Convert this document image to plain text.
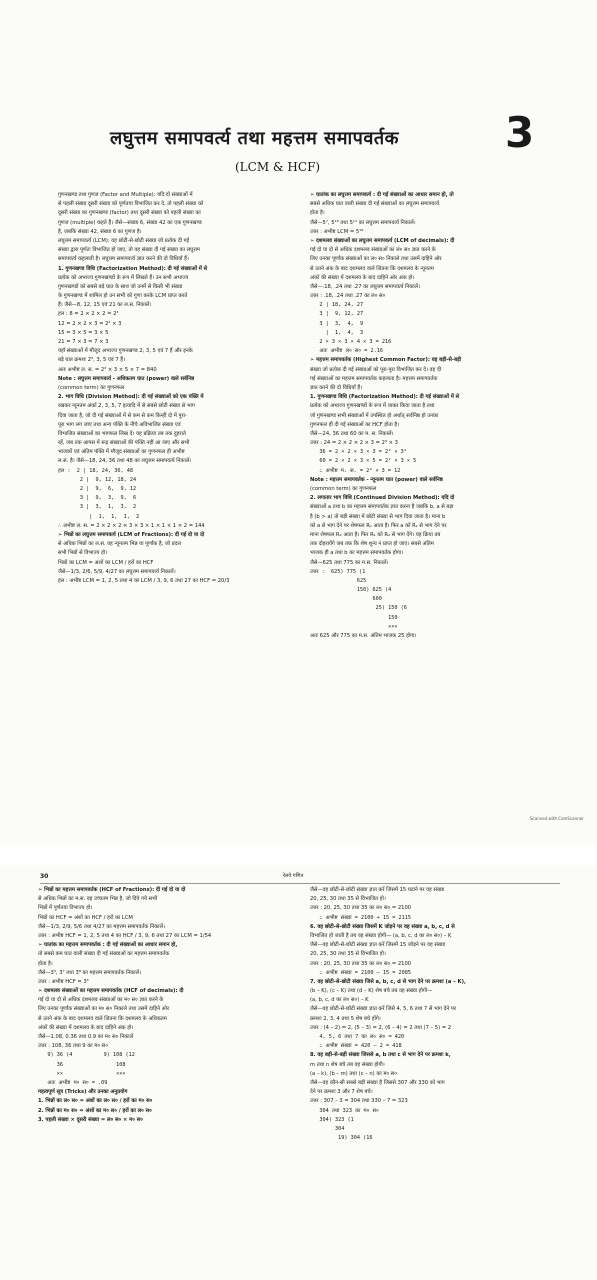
लघुत्तम समापवर्त्य तथा महत्तम समापवर्तक
(LCM & HCF)
3

गुणनखण्ड तथा गुणज (Factor and Multiple): यदि दो संख्याओं में

से पहली संख्या दूसरी संख्या को पूर्णतया विभाजित कर दे, तो पहली संख्या को

दूसरी संख्या का गुणनखण्ड (factor) तथा दूसरी संख्या को पहली संख्या का

गुणज (multiple) कहते हैं। जैसे—संख्या 6, संख्या 42 का एक गुणनखण्ड

है, जबकि संख्या 42, संख्या 6 का गुणज है।

लघुत्तम समापवर्त्य (LCM): वह छोटी-से-छोटी संख्या जो प्रत्येक दी गई

संख्या द्वारा पूर्णतः विभाजित हो जाए, तो वह संख्या दी गई संख्या का लघुत्तम

समापवर्त्य कहलाती है। लघुत्तम समापवर्त्य ज्ञात करने की दो विधियाँ हैं।

1. गुणनखण्ड विधि (Factorization Method): दी गई संख्याओं में से

प्रत्येक को अभाज्य गुणनखण्डों के रूप में लिखते हैं। उन सभी अभाज्य

गुणनखण्डों को सबसे बड़े घात के साथ जो उनमें से किसी भी संख्या

के गुणनखण्ड में शामिल हो उन सभी को गुणा करके LCM प्राप्त करते

हैं। जैसे—8, 12, 15 एवं 21 का ल.स. निकालें।

हल : 8 = 2 × 2 × 2 = 2³

12 = 2 × 2 × 3 = 2² × 3

15 = 3 × 5 = 3 × 5

21 = 7 × 3 = 7 × 3

यहाँ संख्याओं में मौजूद अभाज्य गुणनखण्ड 2, 3, 5 एवं 7 हैं और इनके

बड़े घात क्रमशः 2³, 3, 5 एवं 7 हैं।

अतः अभीष्ट ल. स. = 2³ × 3 × 5 × 7 = 840

Note : लघुत्तम समापवर्त्य - अधिकतम घात (power) वाले सर्वनिष्ठ

(common term) का गुणनफल

2. भाग विधि (Division Method): दी गई संख्याओं को एक पंक्ति में

रखकर न्यूनतम अंकों 2, 3, 5, 7 इत्यादि में से सबसे छोटी संख्या से भाग

दिया जाता है, जो दी गई संख्याओं में से कम से कम किन्हीं दो में पूरा-

पूरा भाग लग जाए तथा अन्य पंक्ति के नीचे अविभाजित संख्या एवं

विभाजित संख्याओं का भागफल लिख दें। यह प्रक्रिया तब तक दुहराते

रहें, जब तक आपस में रूढ़ संख्याओं की पंक्ति नहीं आ जाए और सभी

भाजकों एवं अंतिम पंक्ति में मौजूद संख्याओं का गुणनफल ही अभीष्ट

ल.स. है। जैसे—18, 24, 36 तथा 48 का लघुत्तम समापवर्त्य निकालें।

हल :  2 | 18, 24, 36, 48

2 |  9, 12, 18, 24

2 |  9,  6,  9, 12

3 |  9,  3,  9,  6

3 |  3,  1,  3,  2

|  1,  1,  1,  2

∴ अभीष्ट ल. स. = 2 × 2 × 2 × 3 × 3 × 1 × 1 × 1 × 2 = 144

➢ भिन्नों का लघुत्तम समापवर्त्य (LCM of Fractions): दी गई दो या दो

से अधिक भिन्नों का ल.स. वह न्यूनतम भिन्न या पूर्णांक है, जो प्रदत्त

सभी भिन्नों से विभाज्य हो।

भिन्नों का LCM = अंशों का LCM / हरों का HCF

जैसे—1/3, 2/6, 5/9, 4/27 का लघुत्तम समापवर्त्य निकालें।

हल : अभीष्ट LCM = 1, 2, 5 तथा 4 का LCM / 3, 9, 6 तथा 27 का HCF = 20/3

➢ घातांक का लघुत्तम समापवर्त्य : दी गई संख्याओं का आधार समान हो, तो

सबसे अधिक घात वाली संख्या दी गई संख्याओं का लघुत्तम समापवर्त्य

होता है।

जैसे—5⁷, 5¹⁸ तथा 5¹¹ का लघुत्तम समापवर्त्य निकालें।

उत्तर : अभीष्ट LCM = 5¹⁸

➢ दशमलव संख्याओं का लघुत्तम समापवर्त्य (LCM of decimals): दी

गई दो या दो से अधिक दशमलव संख्याओं का ल० स० ज्ञात करने के

लिए उनका पूर्णांक संख्याओं का ल० स० निकाले तथा उसमें दाहिने ओर

से उतने अंक के बाद दशमलव वाले जितना कि दशमलव के न्यूनतम

अंकों की संख्या में दशमलव के बाद दाहिने ओर अंक हो।

जैसे—.18, .24 तथा .27 का लघुत्तम समापवर्त्य निकालें।

उत्तर : .18, .24 तथा .27 का ल० स०

2 | 18, 24, 27

3 |  9, 12, 27

3 |  3,  4,  9

|  1,  4,  3

2 × 3 × 3 × 4 × 3 = 216

अतः अभीष्ट ल० स० = 2.16

➢ महत्तम समापवर्तक (Highest Common Factor): वह बड़ी-से-बड़ी

संख्या जो प्रत्येक दी गई संख्याओं को पूरा-पूरा विभाजित कर दे। वह दी

गई संख्याओं का महत्तम समापवर्तक कहलाता है। महत्तम समापवर्तक

ज्ञात करने की दो विधियाँ हैं।

1. गुणनखण्ड विधि (Factorization Method): दी गई संख्याओं में से

प्रत्येक को अभाज्य गुणनखण्डों के रूप में व्यक्त किया जाता है तथा

जो गुणनखण्ड सभी संख्याओं में उपस्थित हो अर्थात् सर्वनिष्ठ हो उनका

गुणनफल ही दी गई संख्याओं का HCF होता है।

जैसे—24, 36 तथा 60 का म. स. निकालें।

उत्तर : 24 = 2 × 2 × 2 × 3 = 2³ × 3

36 = 2 × 2 × 3 × 3 = 2² × 3²

60 = 2 × 2 × 3 × 5 = 2² × 3 × 5

∴ अभीष्ट म. स. = 2² × 3 = 12

Note : महत्तम समापवर्तक - न्यूनतम घात (power) वाले सर्वनिष्ठ

(common term) का गुणनफल

2. लगातार भाग विधि (Continued Division Method): यदि दो

संख्याओं a तथा b का महत्तम समापवर्तक ज्ञात करना है जबकि b, a से बड़ा

है (b > a) तो बड़ी संख्या में छोटी संख्या से भाग दिया जाता है। माना b

को a से भाग देने पर शेषफल R₁ आता है। फिर a को R₁ से भाग देने पर

माना शेषफल R₂ आता है। फिर R₁ को R₂ से भाग देंगे। यह क्रिया तब

तक दोहरायेंगे जब तक कि शेष शून्य न प्राप्त हो जाए। सबसे अंतिम

भाजक ही a तथा b का महत्तम समापवर्तक होगा।

जैसे—625 तथा 775 का म.स. निकालें।

उत्तर :  625) 775 (1

625

150) 625 (4

600

25) 150 (6

150

×××

अतः 625 और 775 का म.स. अंतिम भाजक 25 होगा।

Scanned with CamScanner
30	रेलवे गणित

➢ भिन्नों का महत्तम समापवर्तक (HCF of Fractions): दी गई दो या दो

से अधिक भिन्नों का म.स. वह उच्चतम भिन्न है, जो दिये गये सभी

भिन्नों में पूर्णतया विभाज्य हो।

भिन्नों का HCF = अंशों का HCF / हरों का LCM

जैसे—1/3, 2/9, 5/6 तथा 4/27 का महत्तम समापवर्तक निकालें।

उत्तर : अभीष्ट HCF = 1, 2, 5 तथा 4 का HCF / 3, 9, 6 तथा 27 का LCM = 1/54

➢ घातांक का महत्तम समापवर्तक : दी गई संख्याओं का आधार समान हो,

तो सबसे कम घात वाली संख्या दी गई संख्याओं का महत्तम समापवर्तक

होता है।

जैसे—3⁵, 3⁷ तथा 3⁸ का महत्तम समापवर्तक निकालें।

उत्तर : अभीष्ट HCF = 3⁵

➢ दशमलव संख्याओं का महत्तम समापवर्तक (HCF of decimals): दी

गई दो या दो से अधिक दशमलव संख्याओं का म० स० ज्ञात करने के

लिए उनका पूर्णांक संख्याओं का म० स० निकाले तथा उसमें दाहिने ओर

से उतने अंक के बाद दशमलव वाले जितना कि दशमलव के अधिकतम

अंकों की संख्या में दशमलव के बाद दाहिने अंक हो।

जैसे—1.08, 0.36 तथा 0.9 का म० स० निकालें

उत्तर : 108, 36 तथा 9 का म० स०

9) 36 (4          9) 108 (12

36                 108

××                 ×××

अतः अभीष्ट म० स० = .09

महत्वपूर्ण सूत्र (Tricks) और उनका अनुप्रयोग

1. भिन्नों का ल० स० = अंशों का ल० स० / हरों का म० स०

2. भिन्नों का म० स० = अंशों का म० स० / हरों का ल० स०

3. पहली संख्या × दूसरी संख्या = ल० स० × म० स०

जैसे—वह छोटी-से-छोटी संख्या ज्ञात करें जिसमें 15 घटाने पर वह संख्या

20, 25, 30 तथा 35 से विभाजित हो।

उत्तर : 20, 25, 30 तथा 35 का ल० स० = 2100

∴ अभीष्ट संख्या = 2100 + 15 = 2115

6. वह छोटी-से-छोटी संख्या जिसमें K जोड़ने पर वह संख्या a, b, c, d से

विभाजित हो जाती है तब वह संख्या होगी— (a, b, c, d का ल० स०) – K

जैसे—वह छोटी-से-छोटी संख्या ज्ञात करें जिसमें 15 जोड़ने पर वह संख्या

20, 25, 30 तथा 35 से विभाजित हो।

उत्तर : 20, 25, 30 तथा 35 का ल० स० = 2100

∴ अभीष्ट संख्या = 2100 – 15 = 2085

7. वह छोटी-से-छोटी संख्या जिसे a, b, c, d से भाग देने पर क्रमशः (a – K),

(b – K), (c – K) तथा (d – K) शेष बचे तब वह संख्या होगी—

(a, b, c, d का ल० स०) – K

जैसे—वह छोटी-से-छोटी संख्या ज्ञात करें जिसे 4, 5, 6 तथा 7 से भाग देने पर

क्रमशः 2, 3, 4 तथा 5 शेष बचे होंगे।

उत्तर : (4 – 2) = 2, (5 – 3) = 2, (6 – 4) = 2 तथा (7 – 5) = 2

4, 5, 6 तथा 7 का ल० स० = 420

∴ अभीष्ट संख्या = 420 – 2 = 418

8. वह बड़ी-से-बड़ी संख्या जिससे a, b तथा c से भाग देने पर क्रमशः k,

m तथा n शेष बचे तब वह संख्या होगी।

(a – k), (b – m) तथा (c – n) का म० स०

जैसे—वह कौन-सी सबसे बड़ी संख्या है जिससे 307 और 330 को भाग

देने पर क्रमशः 3 और 7 शेष बचे।

उत्तर : 307 – 3 = 304 तथा 330 – 7 = 323

304 तथा 323 का म० स०

304) 323 (1

304

19) 304 (16
